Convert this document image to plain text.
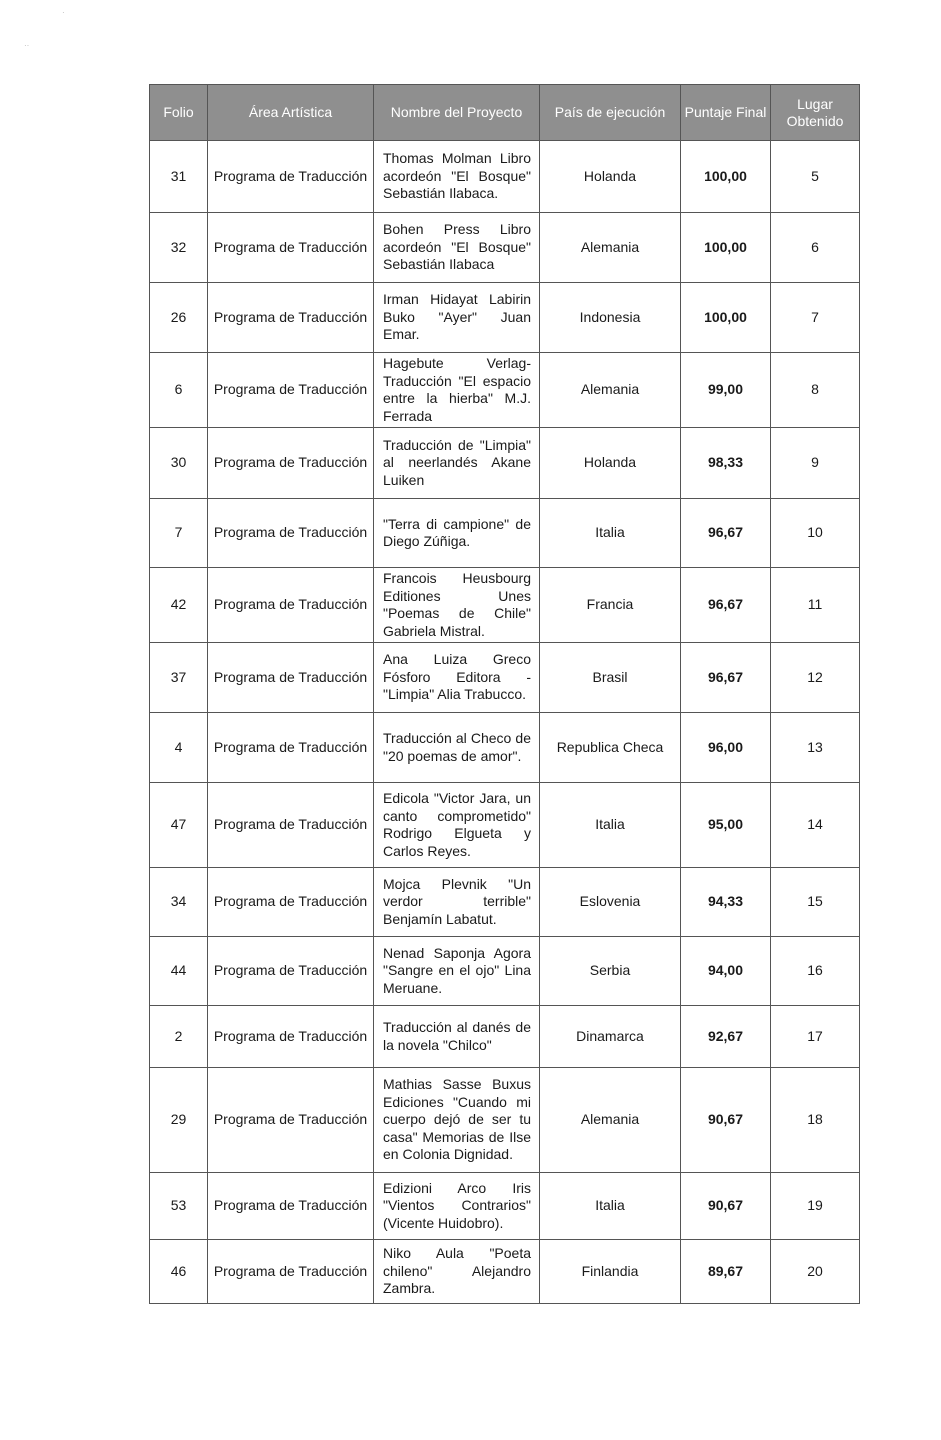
·
··
Folio	Área Artística	Nombre del Proyecto	País de ejecución	Puntaje Final	Lugar Obtenido
31	Programa de Traducción	Thomas Molman Libro acordeón "El Bosque" Sebastián Ilabaca.	Holanda	100,00	5
32	Programa de Traducción	Bohen Press Libro acordeón "El Bosque" Sebastián Ilabaca	Alemania	100,00	6
26	Programa de Traducción	Irman Hidayat Labirin Buko "Ayer" Juan Emar.	Indonesia	100,00	7
6	Programa de Traducción	Hagebute Verlag-Traducción "El espacio entre la hierba" M.J. Ferrada	Alemania	99,00	8
30	Programa de Traducción	Traducción de "Limpia" al neerlandés Akane Luiken	Holanda	98,33	9
7	Programa de Traducción	"Terra di campione" de Diego Zúñiga.	Italia	96,67	10
42	Programa de Traducción	Francois Heusbourg Editiones Unes "Poemas de Chile" Gabriela Mistral.	Francia	96,67	11
37	Programa de Traducción	Ana Luiza Greco Fósforo Editora - "Limpia" Alia Trabucco.	Brasil	96,67	12
4	Programa de Traducción	Traducción al Checo de "20 poemas de amor".	Republica Checa	96,00	13
47	Programa de Traducción	Edicola "Victor Jara, un canto comprometido" Rodrigo Elgueta y Carlos Reyes.	Italia	95,00	14
34	Programa de Traducción	Mojca Plevnik "Un verdor terrible" Benjamín Labatut.	Eslovenia	94,33	15
44	Programa de Traducción	Nenad Saponja Agora "Sangre en el ojo" Lina Meruane.	Serbia	94,00	16
2	Programa de Traducción	Traducción al danés de la novela "Chilco"	Dinamarca	92,67	17
29	Programa de Traducción	Mathias Sasse Buxus Ediciones "Cuando mi cuerpo dejó de ser tu casa" Memorias de Ilse en Colonia Dignidad.	Alemania	90,67	18
53	Programa de Traducción	Edizioni Arco Iris "Vientos Contrarios" (Vicente Huidobro).	Italia	90,67	19
46	Programa de Traducción	Niko Aula "Poeta chileno" Alejandro Zambra.	Finlandia	89,67	20
